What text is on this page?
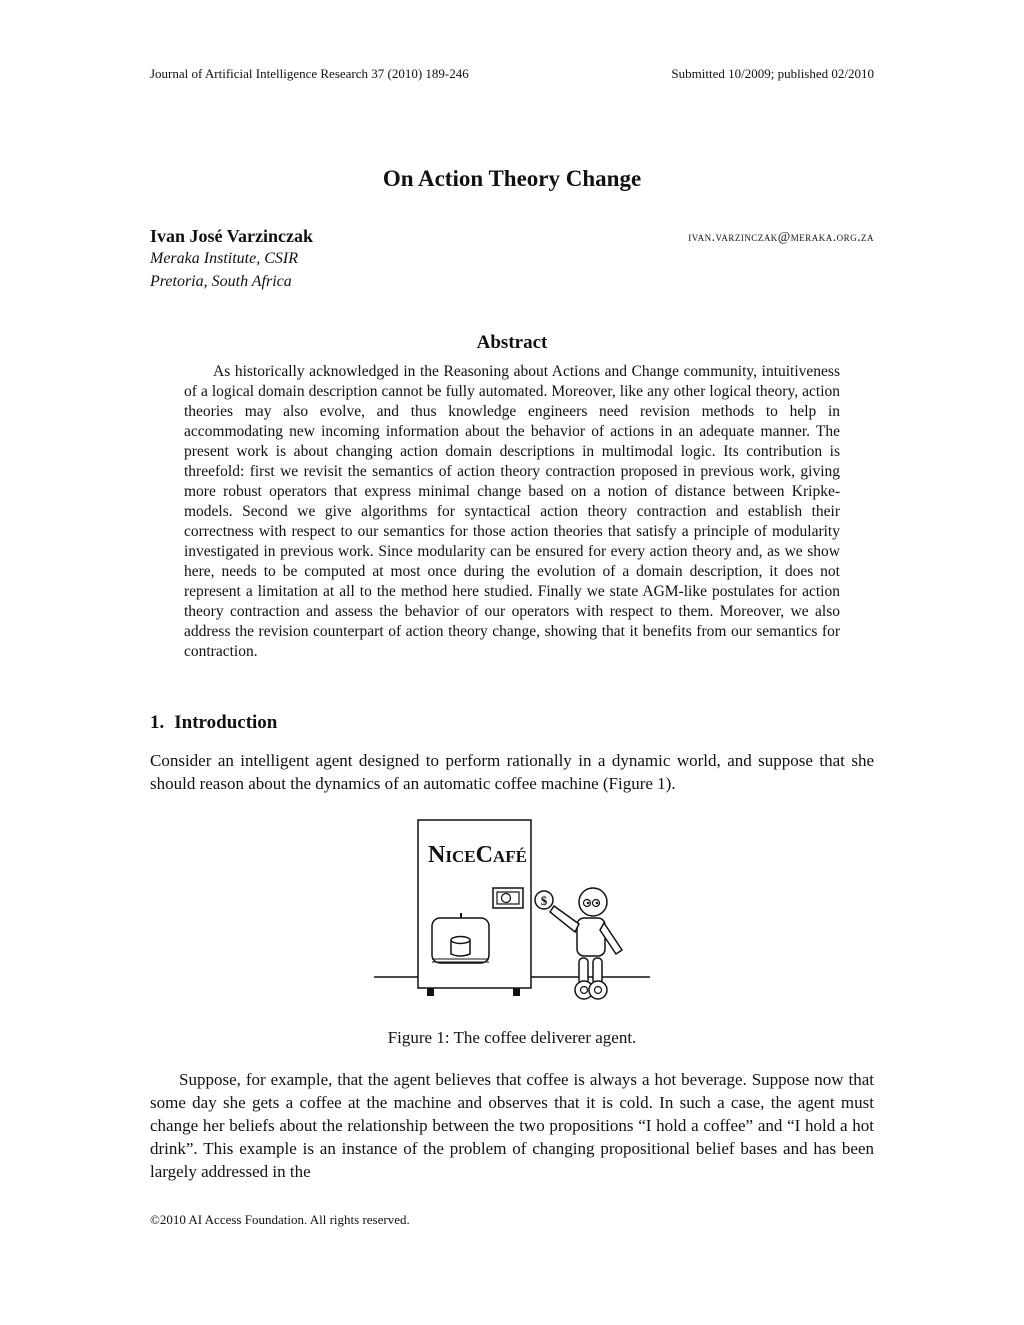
Journal of Artificial Intelligence Research 37 (2010) 189-246	Submitted 10/2009; published 02/2010
On Action Theory Change
Ivan José Varzinczak	ivan.varzinczak@meraka.org.za
Meraka Institute, CSIR
Pretoria, South Africa
Abstract

As historically acknowledged in the Reasoning about Actions and Change community, intuitiveness of a logical domain description cannot be fully automated. Moreover, like any other logical theory, action theories may also evolve, and thus knowledge engineers need revision methods to help in accommodating new incoming information about the behavior of actions in an adequate manner. The present work is about changing action domain descriptions in multimodal logic. Its contribution is threefold: first we revisit the semantics of action theory contraction proposed in previous work, giving more robust operators that express minimal change based on a notion of distance between Kripke-models. Second we give algorithms for syntactical action theory contraction and establish their correctness with respect to our semantics for those action theories that satisfy a principle of modularity investigated in previous work. Since modularity can be ensured for every action theory and, as we show here, needs to be computed at most once during the evolution of a domain description, it does not represent a limitation at all to the method here studied. Finally we state AGM-like postulates for action theory contraction and assess the behavior of our operators with respect to them. Moreover, we also address the revision counterpart of action theory change, showing that it benefits from our semantics for contraction.

1. Introduction

Consider an intelligent agent designed to perform rationally in a dynamic world, and suppose that she should reason about the dynamics of an automatic coffee machine (Figure 1).

NICECAFÉ
$
Figure 1: The coffee deliverer agent.

Suppose, for example, that the agent believes that coffee is always a hot beverage. Suppose now that some day she gets a coffee at the machine and observes that it is cold. In such a case, the agent must change her beliefs about the relationship between the two propositions “I hold a coffee” and “I hold a hot drink”. This example is an instance of the problem of changing propositional belief bases and has been largely addressed in the

©2010 AI Access Foundation. All rights reserved.
